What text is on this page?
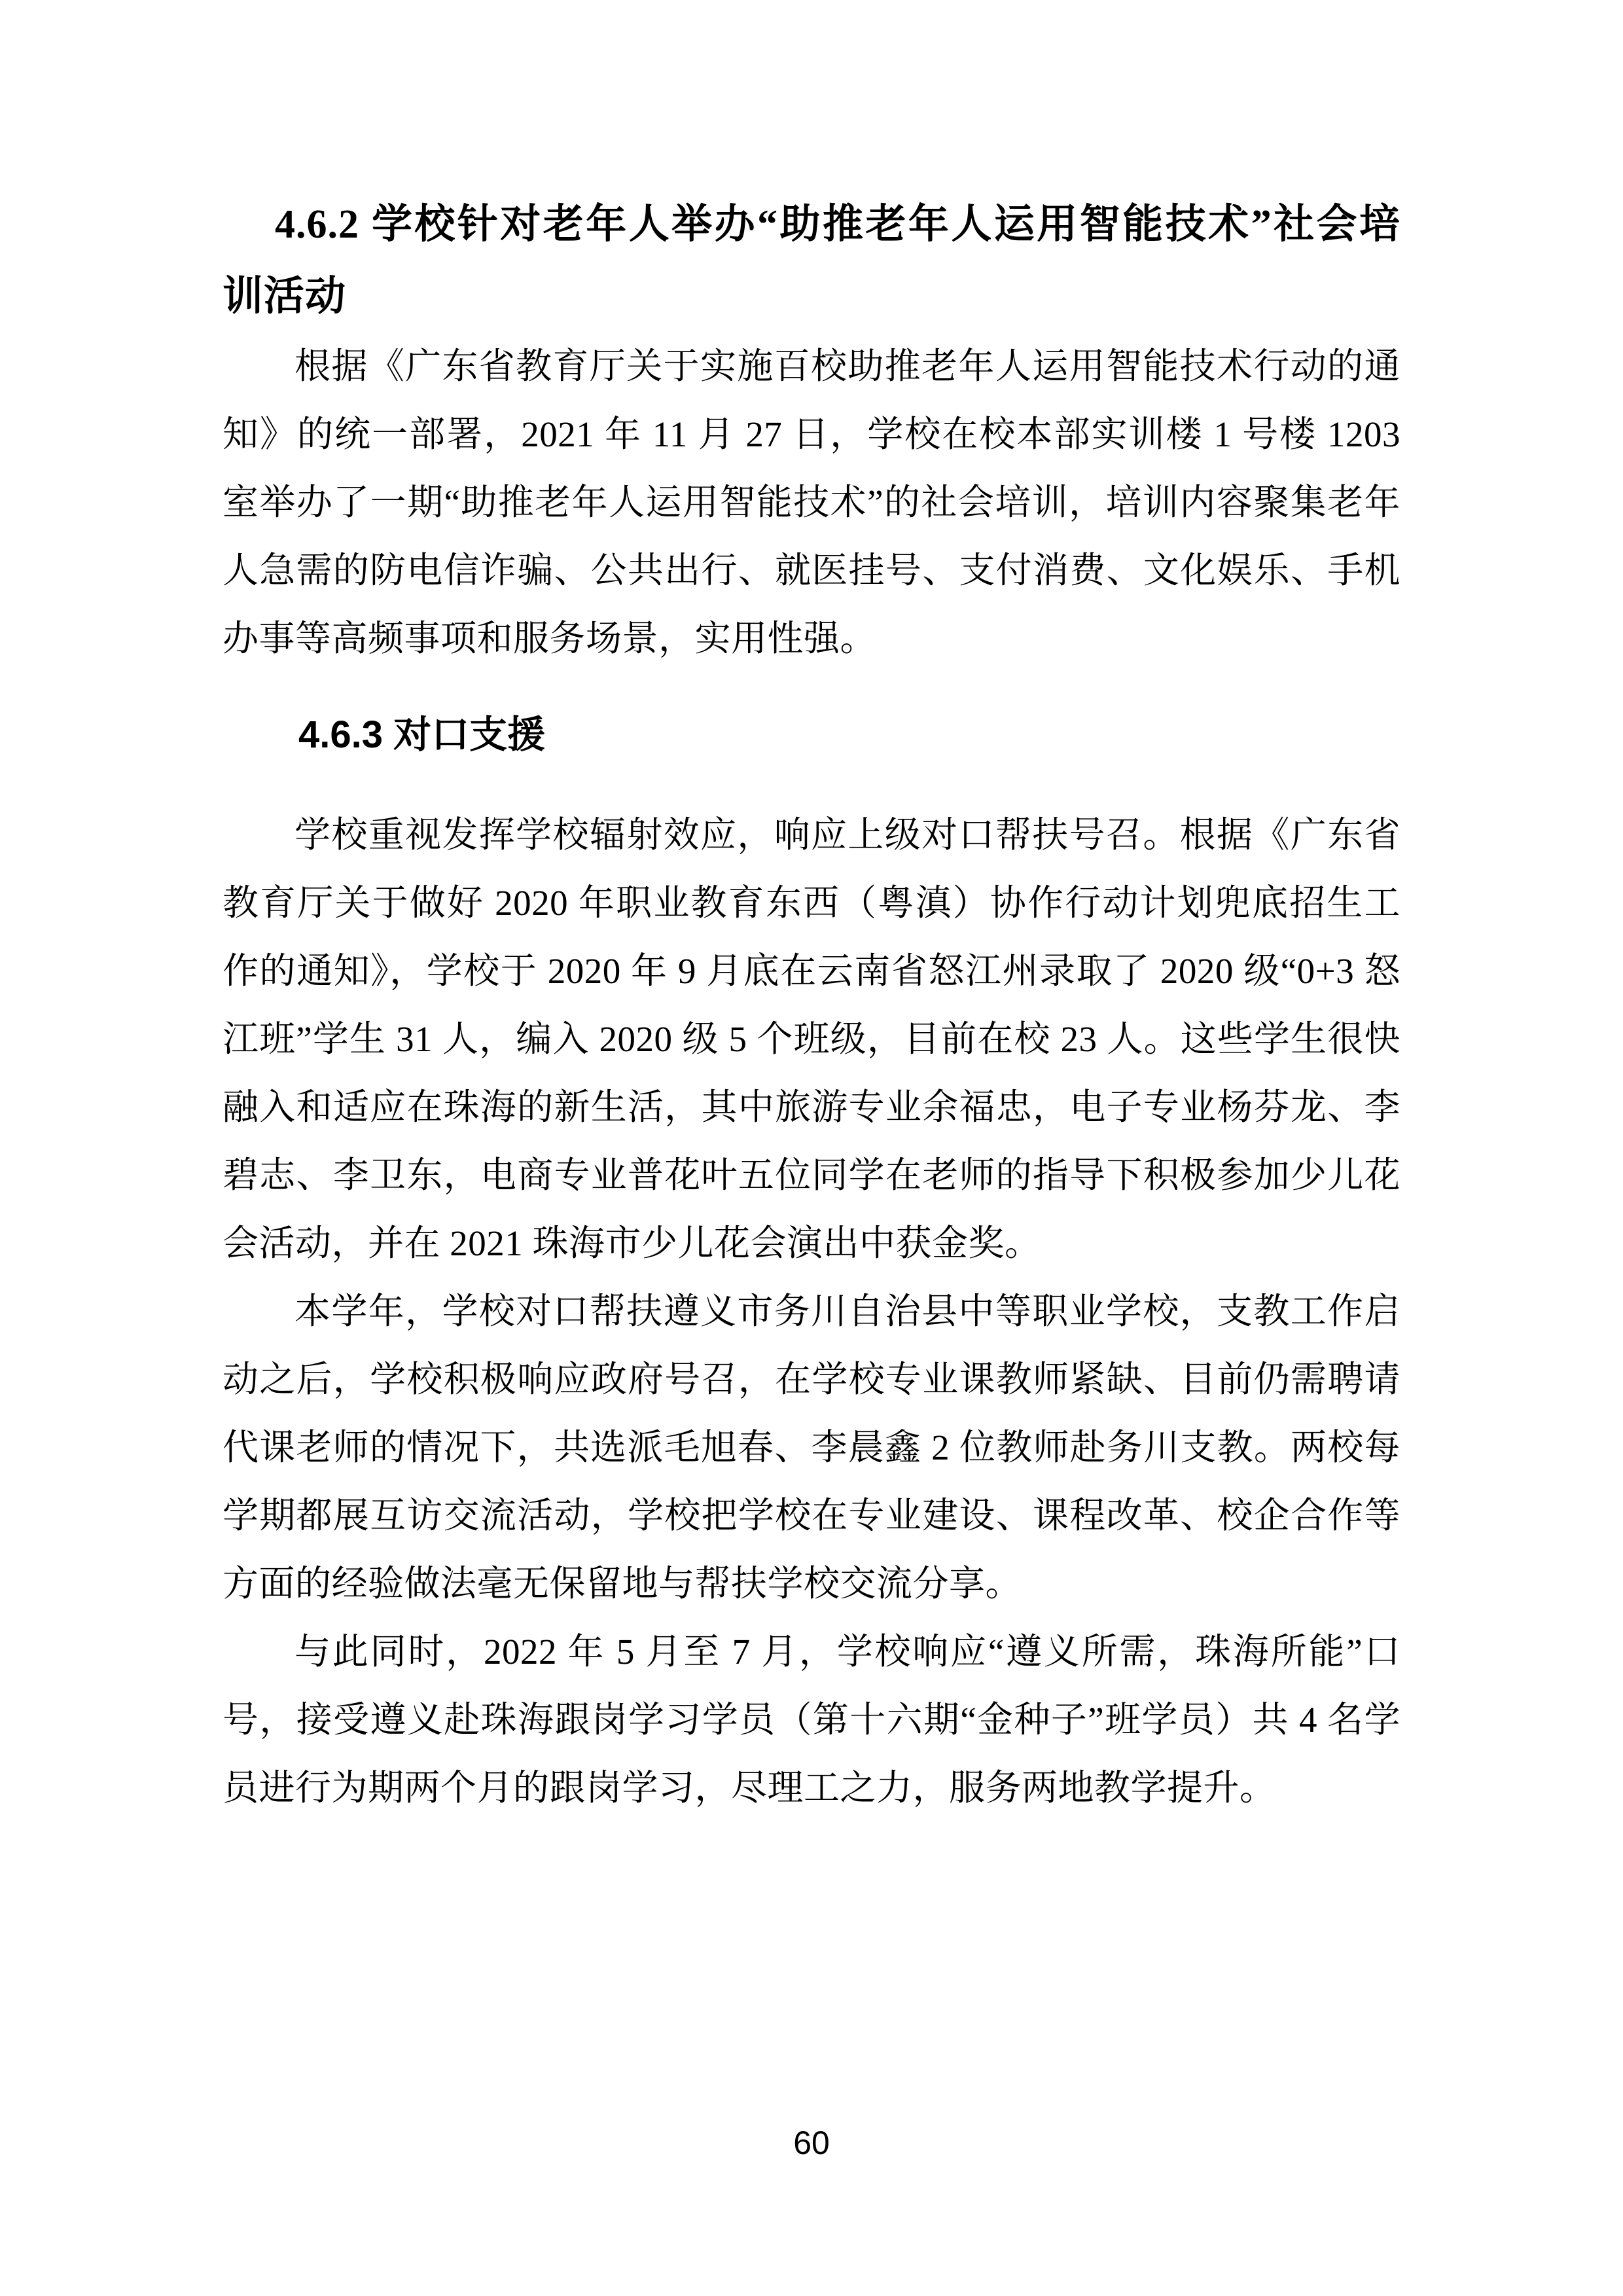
4.6.2 学校针对老年人举办“助推老年人运用智能技术”社会培训活动

根据《广东省教育厅关于实施百校助推老年人运用智能技术行动的通知》的统一部署，2021 年 11 月 27 日，学校在校本部实训楼 1 号楼 1203 室举办了一期“助推老年人运用智能技术”的社会培训，培训内容聚集老年人急需的防电信诈骗、公共出行、就医挂号、支付消费、文化娱乐、手机办事等高频事项和服务场景，实用性强。

4.6.3 对口支援

学校重视发挥学校辐射效应，响应上级对口帮扶号召。根据《广东省教育厅关于做好 2020 年职业教育东西（粤滇）协作行动计划兜底招生工作的通知》，学校于 2020 年 9 月底在云南省怒江州录取了 2020 级“0+3 怒江班”学生 31 人，编入 2020 级 5 个班级，目前在校 23 人。这些学生很快融入和适应在珠海的新生活，其中旅游专业余福忠，电子专业杨芬龙、李碧志、李卫东，电商专业普花叶五位同学在老师的指导下积极参加少儿花会活动，并在 2021 珠海市少儿花会演出中获金奖。

本学年，学校对口帮扶遵义市务川自治县中等职业学校，支教工作启动之后，学校积极响应政府号召，在学校专业课教师紧缺、目前仍需聘请代课老师的情况下，共选派毛旭春、李晨鑫 2 位教师赴务川支教。两校每学期都展互访交流活动，学校把学校在专业建设、课程改革、校企合作等方面的经验做法毫无保留地与帮扶学校交流分享。

与此同时，2022 年 5 月至 7 月，学校响应“遵义所需，珠海所能”口号，接受遵义赴珠海跟岗学习学员（第十六期“金种子”班学员）共 4 名学员进行为期两个月的跟岗学习，尽理工之力，服务两地教学提升。

60
